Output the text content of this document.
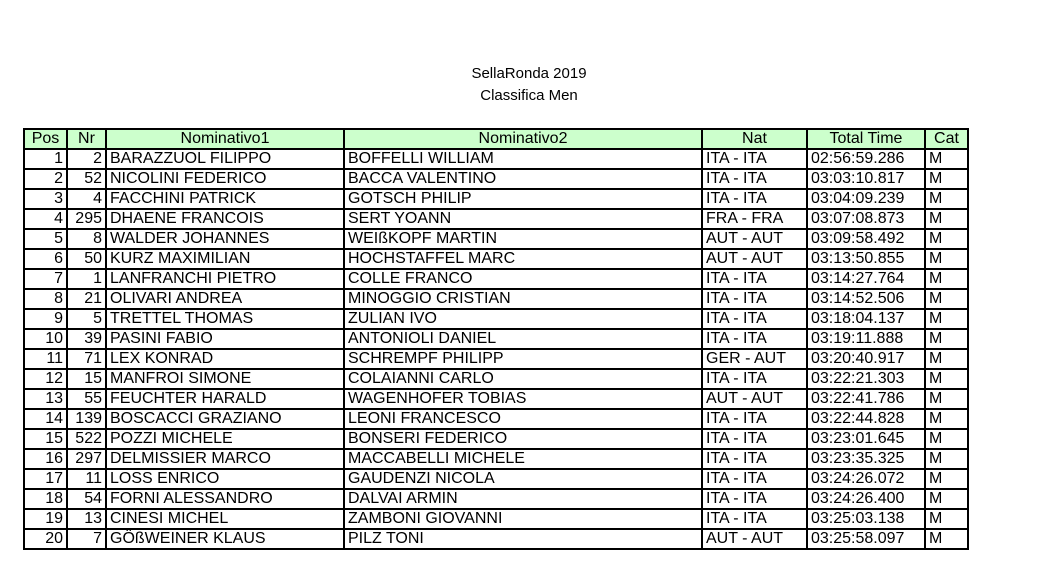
SellaRonda 2019
Classifica Men
Pos	Nr	Nominativo1	Nominativo2	Nat	Total Time	Cat
1	2	BARAZZUOL FILIPPO	BOFFELLI WILLIAM	ITA - ITA	02:56:59.286	M
2	52	NICOLINI FEDERICO	BACCA VALENTINO	ITA - ITA	03:03:10.817	M
3	4	FACCHINI PATRICK	GOTSCH PHILIP	ITA - ITA	03:04:09.239	M
4	295	DHAENE FRANCOIS	SERT YOANN	FRA - FRA	03:07:08.873	M
5	8	WALDER JOHANNES	WEIßKOPF MARTIN	AUT - AUT	03:09:58.492	M
6	50	KURZ MAXIMILIAN	HOCHSTAFFEL MARC	AUT - AUT	03:13:50.855	M
7	1	LANFRANCHI PIETRO	COLLE FRANCO	ITA - ITA	03:14:27.764	M
8	21	OLIVARI ANDREA	MINOGGIO CRISTIAN	ITA - ITA	03:14:52.506	M
9	5	TRETTEL THOMAS	ZULIAN IVO	ITA - ITA	03:18:04.137	M
10	39	PASINI FABIO	ANTONIOLI DANIEL	ITA - ITA	03:19:11.888	M
11	71	LEX KONRAD	SCHREMPF PHILIPP	GER - AUT	03:20:40.917	M
12	15	MANFROI SIMONE	COLAIANNI CARLO	ITA - ITA	03:22:21.303	M
13	55	FEUCHTER HARALD	WAGENHOFER TOBIAS	AUT - AUT	03:22:41.786	M
14	139	BOSCACCI GRAZIANO	LEONI FRANCESCO	ITA - ITA	03:22:44.828	M
15	522	POZZI MICHELE	BONSERI FEDERICO	ITA - ITA	03:23:01.645	M
16	297	DELMISSIER MARCO	MACCABELLI MICHELE	ITA - ITA	03:23:35.325	M
17	11	LOSS ENRICO	GAUDENZI NICOLA	ITA - ITA	03:24:26.072	M
18	54	FORNI ALESSANDRO	DALVAI ARMIN	ITA - ITA	03:24:26.400	M
19	13	CINESI MICHEL	ZAMBONI GIOVANNI	ITA - ITA	03:25:03.138	M
20	7	GÖßWEINER KLAUS	PILZ TONI	AUT - AUT	03:25:58.097	M
